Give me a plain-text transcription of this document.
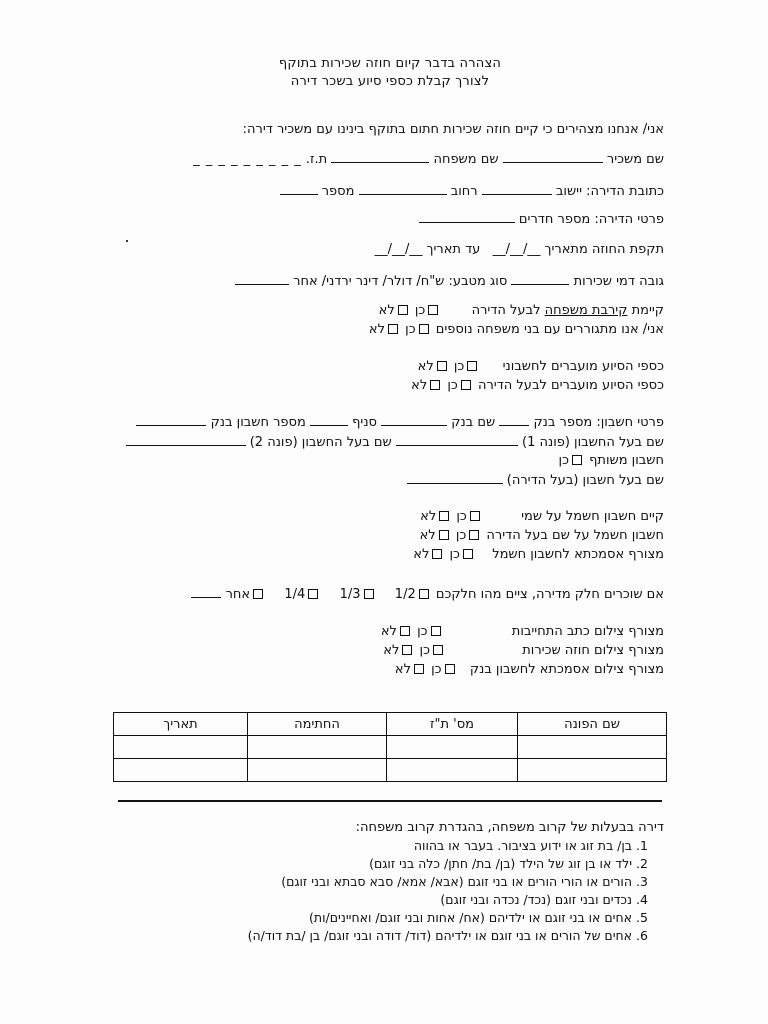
הצהרה בדבר קיום חוזה שכירות בתוקף
לצורך קבלת כספי סיוע בשכר דירה
אני/ אנחנו מצהירים כי קיים חוזה שכירות חתום בתוקף בינינו עם משכיר דירה:
שם משכיר  שם משפחה  ת.ז. _ _ _ _ _ _ _ _ _
כתובת הדירה: יישוב  רחוב  מספר
פרטי הדירה: מספר חדרים
תקפת החוזה מתאריך __/__/__  עד תאריך __/__/__
גובה דמי שכירות  סוג מטבע: ש"ח/ דולר/ דינר ירדני/ אחר
קיימת קירבת משפחה לבעל הדירה  כן לא
אני/ אנו מתגוררים עם בני משפחה נוספים כן לא
כספי הסיוע מועברים לחשבוני  כן לא
כספי הסיוע מועברים לבעל הדירה כן לא
פרטי חשבון: מספר בנק  שם בנק  סניף  מספר חשבון בנק
שם בעל החשבון (פונה 1)  שם בעל החשבון (פונה 2)
חשבון משותף כן
שם בעל חשבון (בעל הדירה)
קיים חשבון חשמל על שמי  כן לא
חשבון חשמל על שם בעל הדירה כן לא
מצורף אסמכתא לחשבון חשמל  כן לא
אם שוכרים חלק מדירה, ציים מהו חלקכם 1/2  1/3  1/4  אחר
מצורף צילום כתב התחייבות  כן לא
מצורף צילום חוזה שכירות  כן לא
מצורף צילום אסמכתא לחשבון בנק  כן לא
שם הפונה	מס' ת"ז	החתימה	תאריך

דירה בבעלות של קרוב משפחה, בהגדרת קרוב משפחה:
1. בן/ בת זוג או ידוע בציבור. בעבר או בהווה
2. ילד או בן זוג של הילד (בן/ בת/ חתן/ כלה בני זוגם)
3. הורים או הורי הורים או בני זוגם (אבא/ אמא/ סבא סבתא ובני זוגם)
4. נכדים ובני זוגם (נכד/ נכדה ובני זוגם)
5. אחים או בני זוגם או ילדיהם (אח/ אחות ובני זוגם/ ואחיינים/ות)
6. אחים של הורים או בני זוגם או ילדיהם (דוד/ דודה ובני זוגם/ בן /בת דוד/ה)
